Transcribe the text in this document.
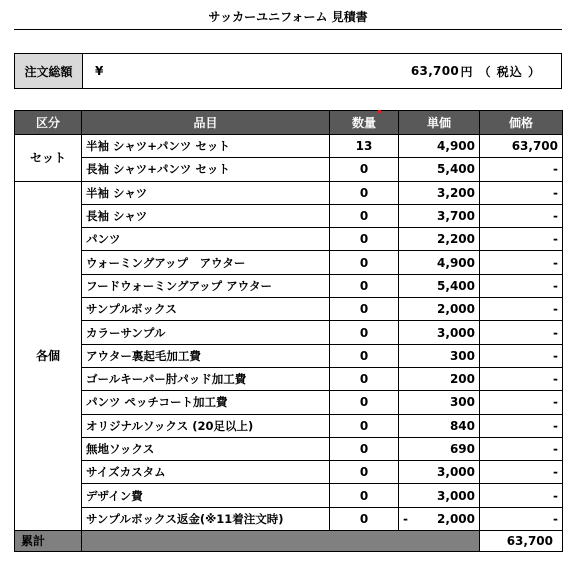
サッカーユニフォーム 見積書
注文総額	¥	63,700 円 （ 税込 ）
区分	品目	数量	単価	価格
セット	半袖 シャツ+パンツ セット	13	4,900	63,700
	長袖 シャツ+パンツ セット	0	5,400	-
各個	半袖 シャツ	0	3,200	-
	長袖 シャツ	0	3,700	-
	パンツ	0	2,200	-
	ウォーミングアップ　アウター	0	4,900	-
	フードウォーミングアップ アウター	0	5,400	-
	サンプルボックス	0	2,000	-
	カラーサンプル	0	3,000	-
	アウター裏起毛加工費	0	300	-
	ゴールキーパー肘パッド加工費	0	200	-
	パンツ ペッチコート加工費	0	300	-
	オリジナルソックス (20足以上)	0	840	-
	無地ソックス	0	690	-
	サイズカスタム	0	3,000	-
	デザイン費	0	3,000	-
	サンプルボックス返金(※11着注文時)	0	- 2,000	-
累計				63,700
